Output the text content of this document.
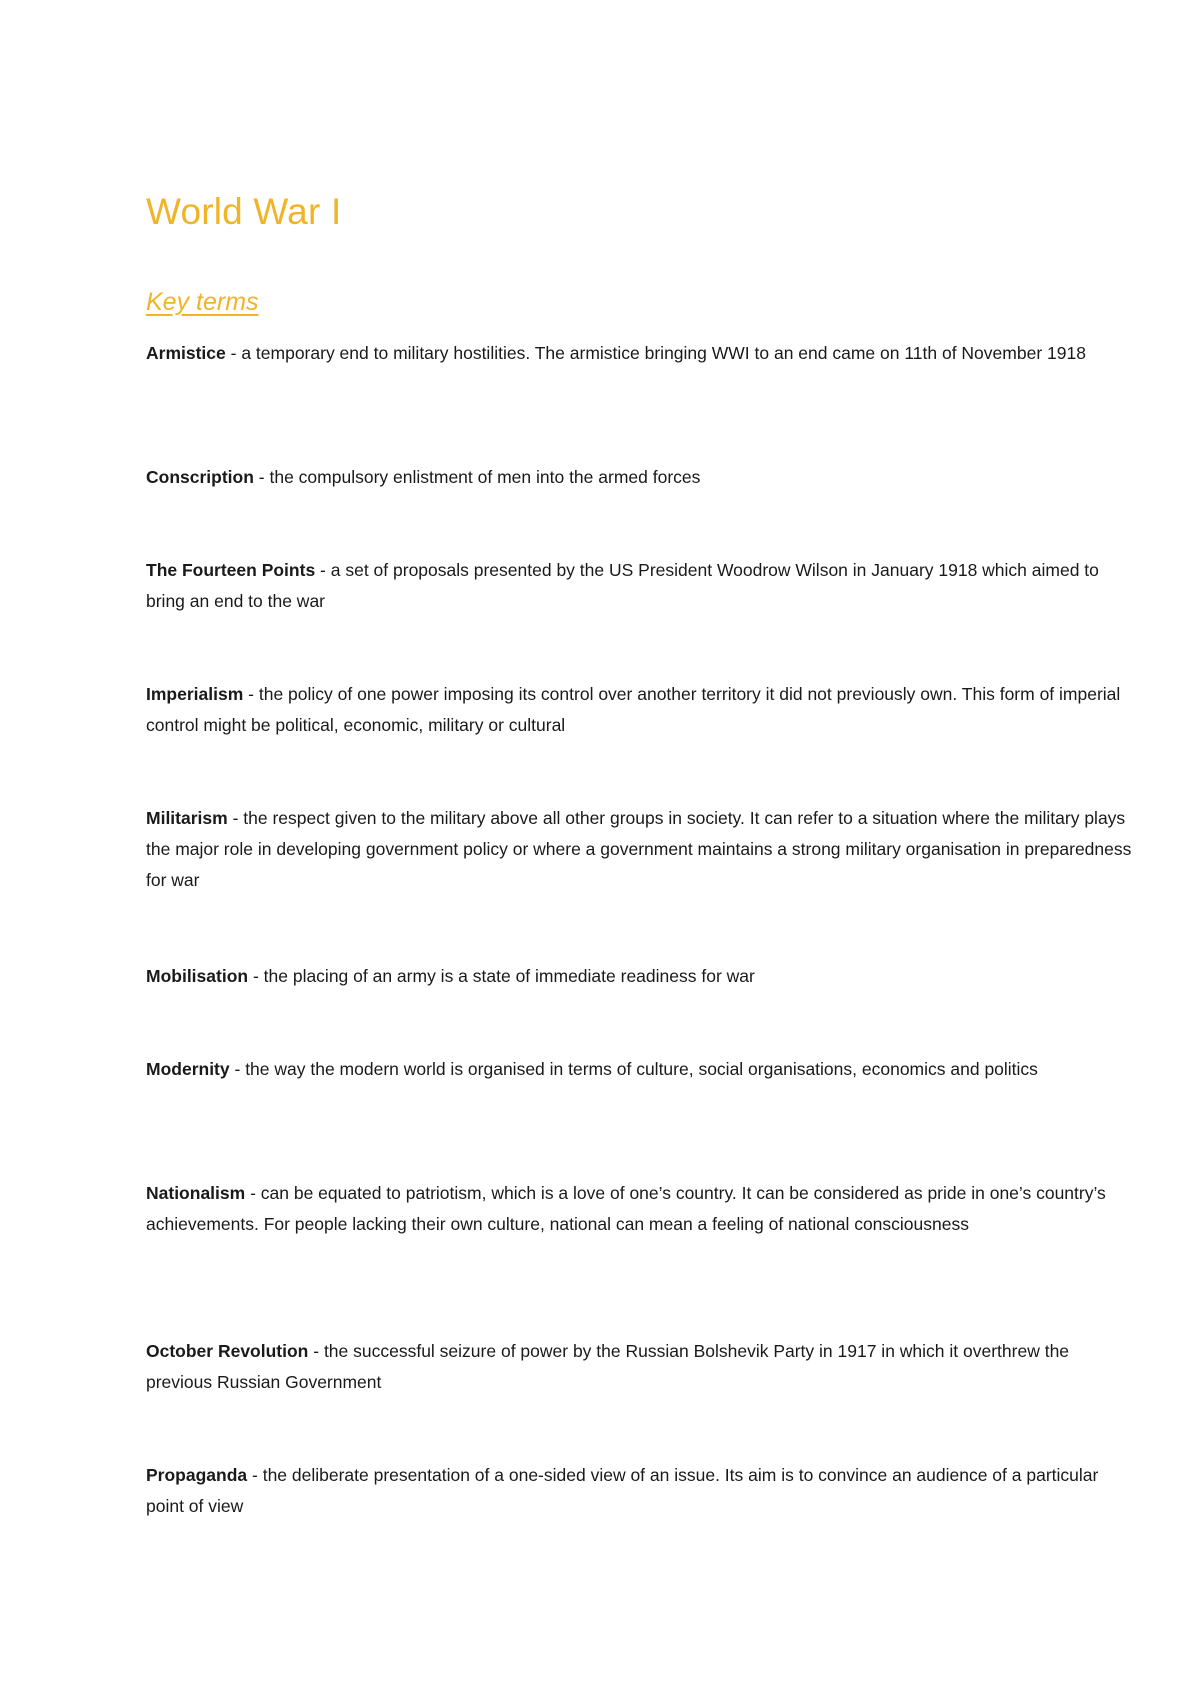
World War I
Key terms

Armistice - a temporary end to military hostilities. The armistice bringing WWI to an end came on 11th of November 1918

Conscription - the compulsory enlistment of men into the armed forces

The Fourteen Points - a set of proposals presented by the US President Woodrow Wilson in January 1918 which aimed to bring an end to the war

Imperialism - the policy of one power imposing its control over another territory it did not previously own. This form of imperial control might be political, economic, military or cultural

Militarism - the respect given to the military above all other groups in society. It can refer to a situation where the military plays the major role in developing government policy or where a government maintains a strong military organisation in preparedness for war

Mobilisation - the placing of an army is a state of immediate readiness for war

Modernity - the way the modern world is organised in terms of culture, social organisations, economics and politics

Nationalism - can be equated to patriotism, which is a love of one’s country. It can be considered as pride in one’s country’s achievements. For people lacking their own culture, national can mean a feeling of national consciousness

October Revolution - the successful seizure of power by the Russian Bolshevik Party in 1917 in which it overthrew the previous Russian Government

Propaganda - the deliberate presentation of a one-sided view of an issue. Its aim is to convince an audience of a particular point of view
